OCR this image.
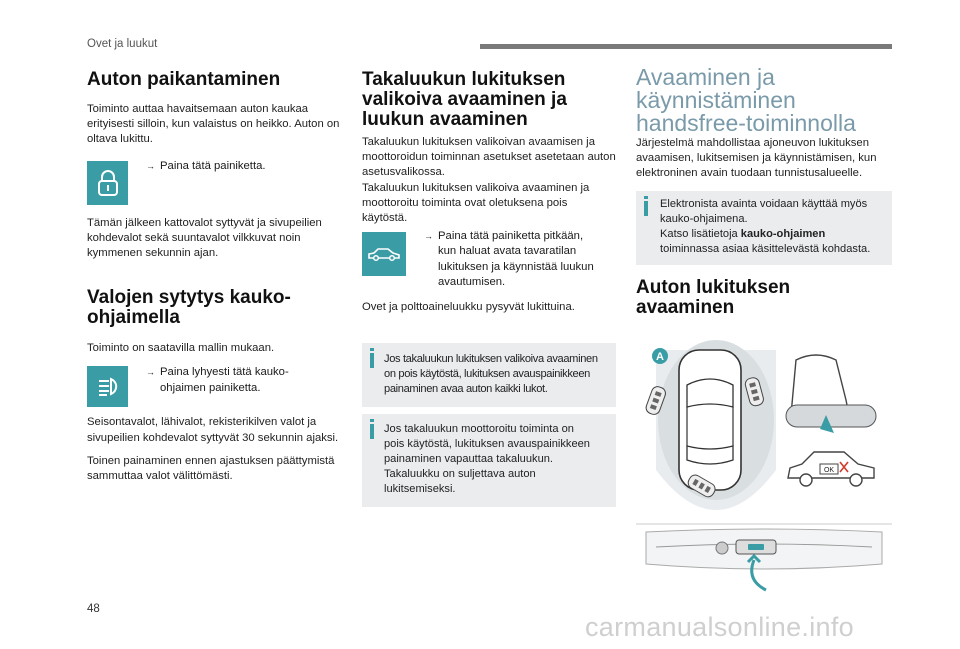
Ovet ja luukut
Auton paikantaminen

Toiminto auttaa havaitsemaan auton kaukaa erityisesti silloin, kun valaistus on heikko. Auton on oltava lukittu.

→ Paina tätä painiketta.

Tämän jälkeen kattovalot syttyvät ja sivupeilien kohdevalot sekä suuntavalot vilkkuvat noin kymmenen sekunnin ajan.

Valojen sytytys kauko-ohjaimella

Toiminto on saatavilla mallin mukaan.

→ Paina lyhyesti tätä kauko-ohjaimen painiketta.

Seisontavalot, lähivalot, rekisterikilven valot ja sivupeilien kohdevalot syttyvät 30 sekunnin ajaksi.

Toinen painaminen ennen ajastuksen päättymistä sammuttaa valot välittömästi.

Takaluukun lukituksen valikoiva avaaminen ja luukun avaaminen

Takaluukun lukituksen valikoivan avaamisen ja moottoroidun toiminnan asetukset asetetaan auton asetusvalikossa.

Takaluukun lukituksen valikoiva avaaminen ja moottoroitu toiminta ovat oletuksena pois käytöstä.

→ Paina tätä painiketta pitkään, kun haluat avata tavaratilan lukituksen ja käynnistää luukun avautumisen.

Ovet ja polttoaineluukku pysyvät lukittuina.

Jos takaluukun lukituksen valikoiva avaaminen on pois käytöstä, lukituksen avauspainikkeen painaminen avaa auton kaikki lukot.

Jos takaluukun moottoroitu toiminta on pois käytöstä, lukituksen avauspainikkeen painaminen vapauttaa takaluukun. Takaluukku on suljettava auton lukitsemiseksi.

Avaaminen ja käynnistäminen handsfree-toiminnolla

Järjestelmä mahdollistaa ajoneuvon lukituksen avaamisen, lukitsemisen ja käynnistämisen, kun elektroninen avain tuodaan tunnistusalueelle.

Elektronista avainta voidaan käyttää myös kauko-ohjaimena.

Katso lisätietoja kauko-ohjaimen toiminnassa asiaa käsittelevästä kohdasta.

Auton lukituksen avaaminen
A
OK
48
carmanualsonline.info
